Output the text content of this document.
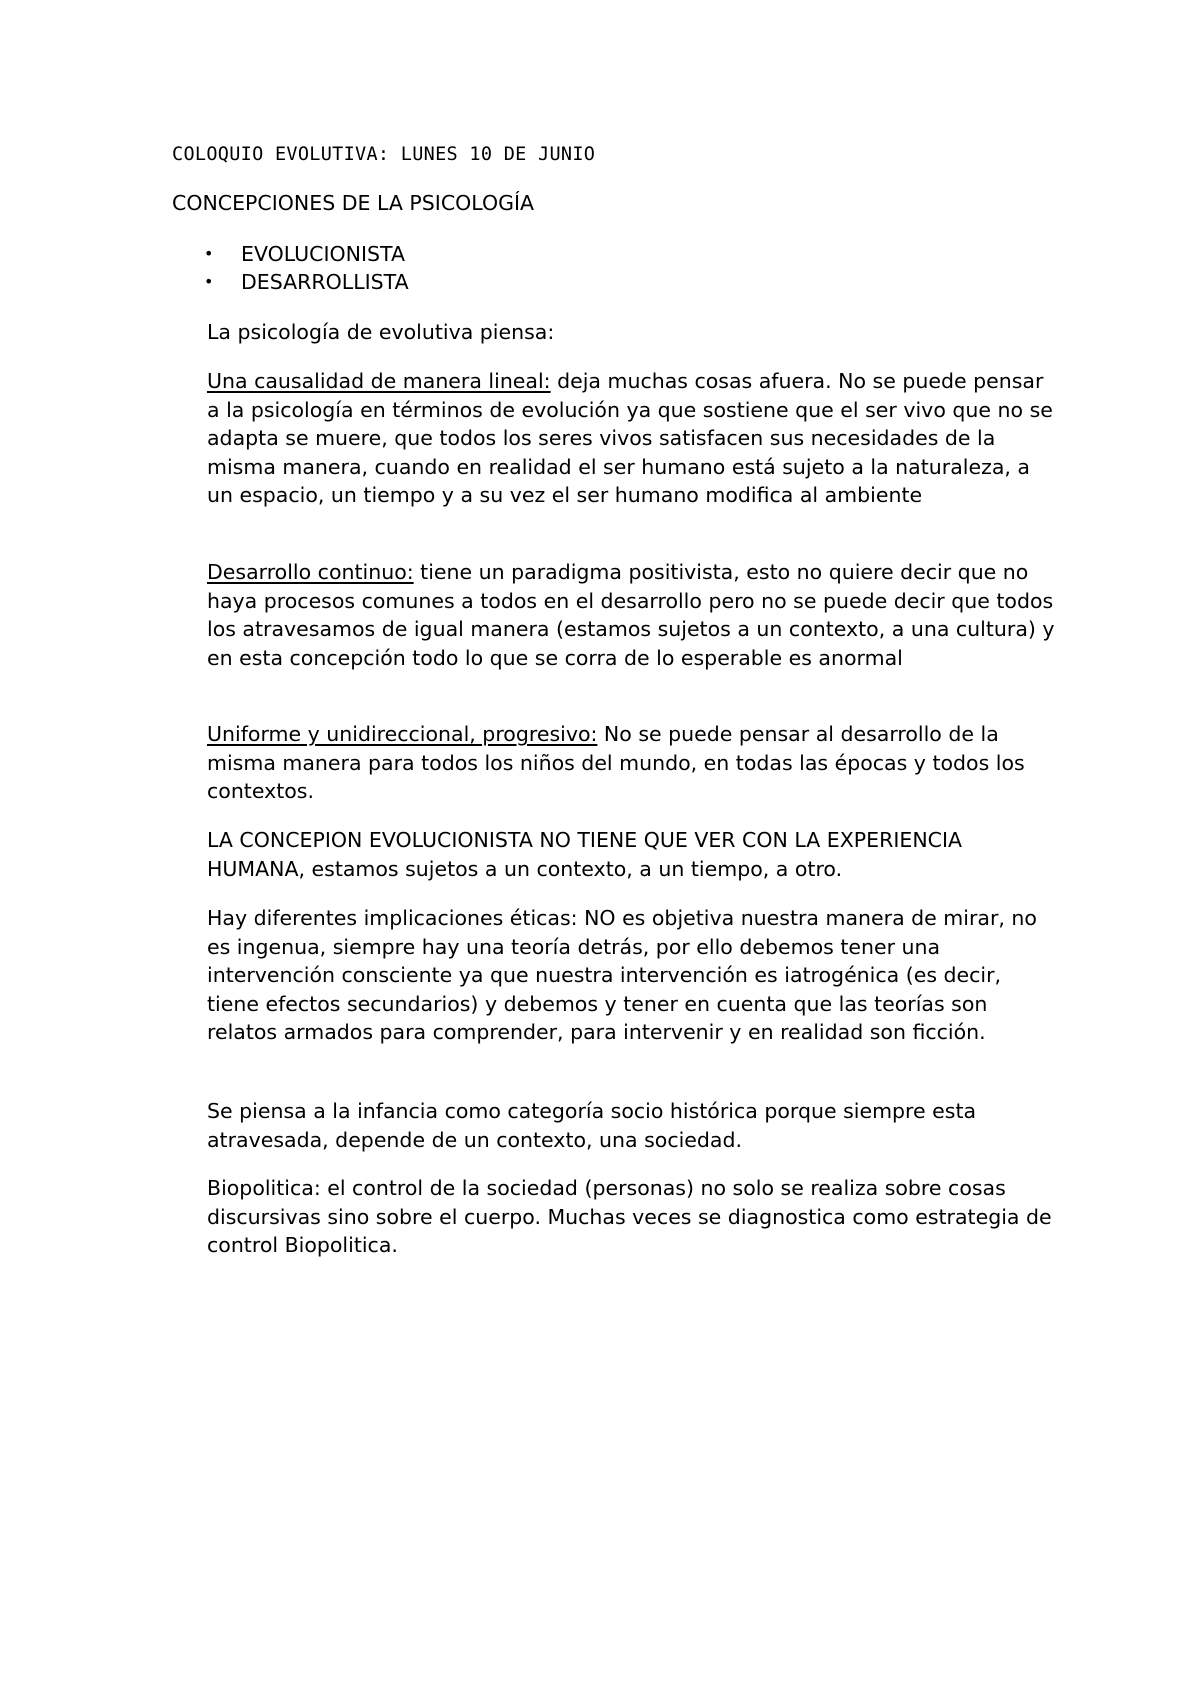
COLOQUIO EVOLUTIVA: LUNES 10 DE JUNIO
CONCEPCIONES DE LA PSICOLOGÍA
• EVOLUCIONISTA
• DESARROLLISTA

La psicología de evolutiva piensa:

Una causalidad de manera lineal: deja muchas cosas afuera. No se puede pensar a la psicología en términos de evolución ya que sostiene que el ser vivo que no se adapta se muere, que todos los seres vivos satisfacen sus necesidades de la misma manera, cuando en realidad el ser humano está sujeto a la naturaleza, a un espacio, un tiempo y a su vez el ser humano modifica al ambiente

Desarrollo continuo: tiene un paradigma positivista, esto no quiere decir que no haya procesos comunes a todos en el desarrollo pero no se puede decir que todos los atravesamos de igual manera (estamos sujetos a un contexto, a una cultura) y en esta concepción todo lo que se corra de lo esperable es anormal

Uniforme y unidireccional, progresivo: No se puede pensar al desarrollo de la misma manera para todos los niños del mundo, en todas las épocas y todos los contextos.

LA CONCEPION EVOLUCIONISTA NO TIENE QUE VER CON LA EXPERIENCIA HUMANA, estamos sujetos a un contexto, a un tiempo, a otro.

Hay diferentes implicaciones éticas: NO es objetiva nuestra manera de mirar, no es ingenua, siempre hay una teoría detrás, por ello debemos tener una intervención consciente ya que nuestra intervención es iatrogénica (es decir, tiene efectos secundarios) y debemos y tener en cuenta que las teorías son relatos armados para comprender, para intervenir y en realidad son ficción.

Se piensa a la infancia como categoría socio histórica porque siempre esta atravesada, depende de un contexto, una sociedad.

Biopolitica: el control de la sociedad (personas) no solo se realiza sobre cosas discursivas sino sobre el cuerpo. Muchas veces se diagnostica como estrategia de control Biopolitica.
